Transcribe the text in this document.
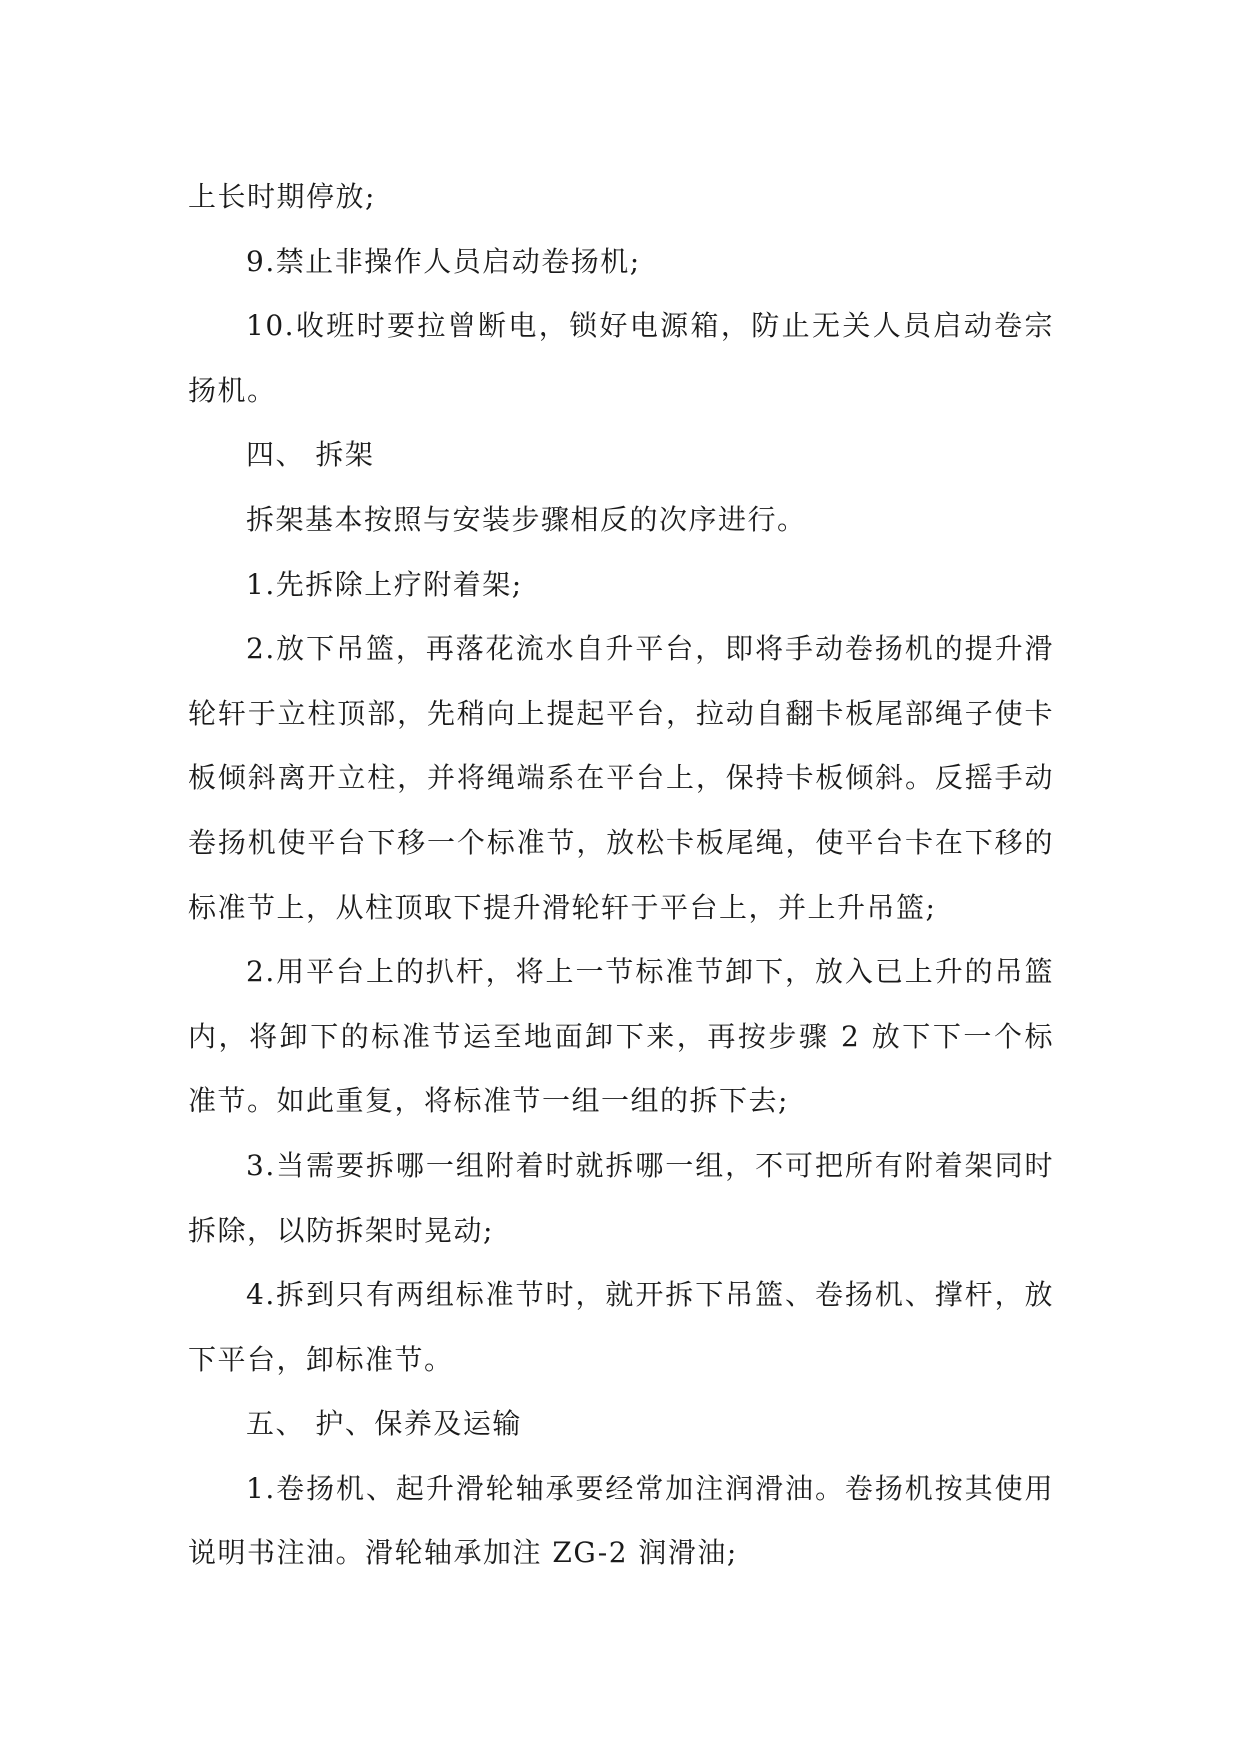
上长时期停放;

9.禁止非操作人员启动卷扬机;

10.收班时要拉曾断电，锁好电源箱，防止无关人员启动卷宗扬机。

四、 拆架

拆架基本按照与安装步骤相反的次序进行。

1.先拆除上疗附着架;

2.放下吊篮，再落花流水自升平台，即将手动卷扬机的提升滑轮轩于立柱顶部，先稍向上提起平台，拉动自翻卡板尾部绳子使卡板倾斜离开立柱，并将绳端系在平台上，保持卡板倾斜。反摇手动卷扬机使平台下移一个标准节，放松卡板尾绳，使平台卡在下移的标准节上，从柱顶取下提升滑轮轩于平台上，并上升吊篮;

2.用平台上的扒杆，将上一节标准节卸下，放入已上升的吊篮内，将卸下的标准节运至地面卸下来，再按步骤 2 放下下一个标准节。如此重复，将标准节一组一组的拆下去;

3.当需要拆哪一组附着时就拆哪一组，不可把所有附着架同时拆除，以防拆架时晃动;

4.拆到只有两组标准节时，就开拆下吊篮、卷扬机、撑杆，放下平台，卸标准节。

五、 护、保养及运输

1.卷扬机、起升滑轮轴承要经常加注润滑油。卷扬机按其使用说明书注油。滑轮轴承加注 ZG-2 润滑油;
